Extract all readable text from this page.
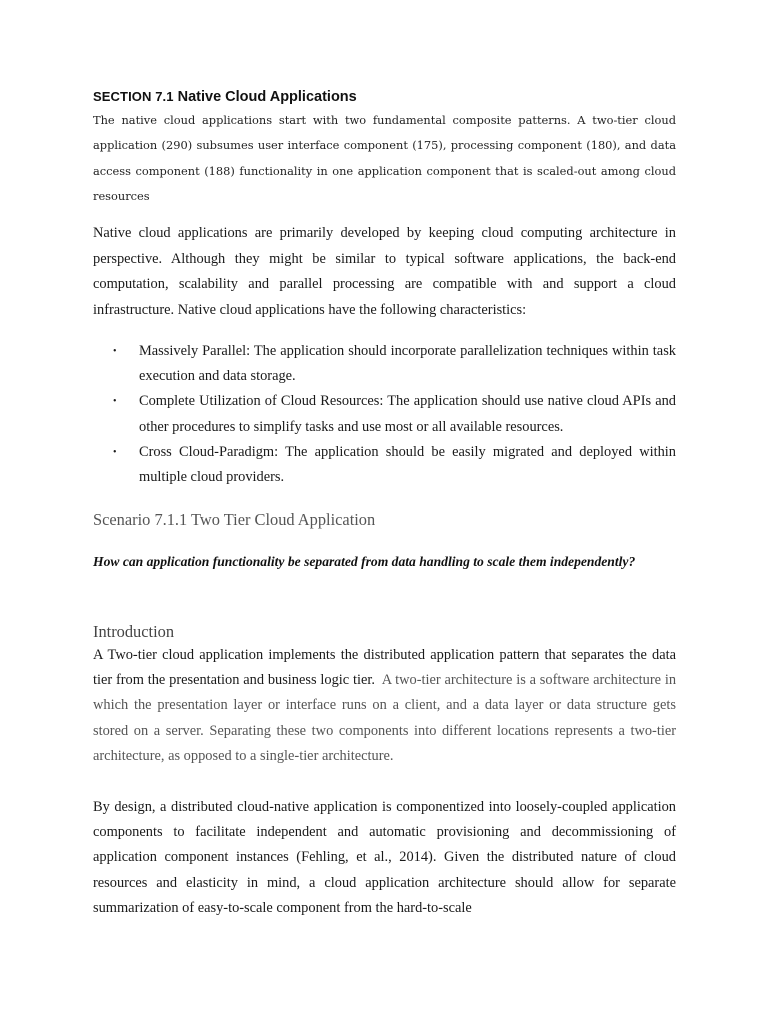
SECTION 7.1 Native Cloud Applications

The native cloud applications start with two fundamental composite patterns. A two-tier cloud application (290) subsumes user interface component (175), processing component (180), and data access component (188) functionality in one application component that is scaled-out among cloud resources

Native cloud applications are primarily developed by keeping cloud computing architecture in perspective. Although they might be similar to typical software applications, the back-end computation, scalability and parallel processing are compatible with and support a cloud infrastructure. Native cloud applications have the following characteristics:

• Massively Parallel: The application should incorporate parallelization techniques within task execution and data storage.
• Complete Utilization of Cloud Resources: The application should use native cloud APIs and other procedures to simplify tasks and use most or all available resources.
• Cross Cloud-Paradigm: The application should be easily migrated and deployed within multiple cloud providers.
Scenario 7.1.1 Two Tier Cloud Application

How can application functionality be separated from data handling to scale them independently?

Introduction

A Two-tier cloud application implements the distributed application pattern that separates the data tier from the presentation and business logic tier. A two-tier architecture is a software architecture in which the presentation layer or interface runs on a client, and a data layer or data structure gets stored on a server. Separating these two components into different locations represents a two-tier architecture, as opposed to a single-tier architecture.

By design, a distributed cloud-native application is componentized into loosely-coupled application components to facilitate independent and automatic provisioning and decommissioning of application component instances (Fehling, et al., 2014). Given the distributed nature of cloud resources and elasticity in mind, a cloud application architecture should allow for separate summarization of easy-to-scale component from the hard-to-scale
